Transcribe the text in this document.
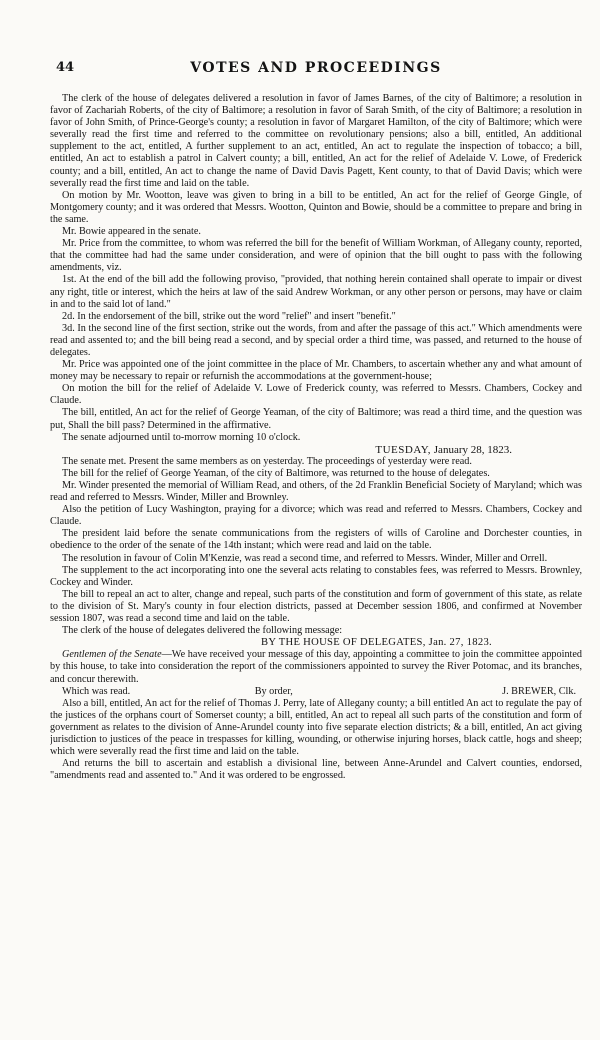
44	VOTES AND PROCEEDINGS

The clerk of the house of delegates delivered a resolution in favor of James Barnes, of the city of Baltimore; a resolution in favor of Zachariah Roberts, of the city of Baltimore; a resolution in favor of Sarah Smith, of the city of Baltimore; a resolution in favor of John Smith, of Prince-George's county; a resolution in favor of Margaret Hamilton, of the city of Baltimore; which were severally read the first time and referred to the committee on revolutionary pensions; also a bill, entitled, An additional supplement to the act, entitled, A further supplement to an act, entitled, An act to regulate the inspection of tobacco; a bill, entitled, An act to establish a patrol in Calvert county; a bill, entitled, An act for the relief of Adelaide V. Lowe, of Frederick county; and a bill, entitled, An act to change the name of David Davis Pagett, Kent county, to that of David Davis; which were severally read the first time and laid on the table.

On motion by Mr. Wootton, leave was given to bring in a bill to be entitled, An act for the relief of George Gingle, of Montgomery county; and it was ordered that Messrs. Wootton, Quinton and Bowie, should be a committee to prepare and bring in the same.

Mr. Bowie appeared in the senate.

Mr. Price from the committee, to whom was referred the bill for the benefit of William Workman, of Allegany county, reported, that the committee had had the same under consideration, and were of opinion that the bill ought to pass with the following amendments, viz.

1st. At the end of the bill add the following proviso, "provided, that nothing herein contained shall operate to impair or divest any right, title or interest, which the heirs at law of the said Andrew Workman, or any other person or persons, may have or claim in and to the said lot of land."

2d. In the endorsement of the bill, strike out the word "relief" and insert "benefit."

3d. In the second line of the first section, strike out the words, from and after the passage of this act." Which amendments were read and assented to; and the bill being read a second, and by special order a third time, was passed, and returned to the house of delegates.

Mr. Price was appointed one of the joint committee in the place of Mr. Chambers, to ascertain whether any and what amount of money may be necessary to repair or refurnish the accommodations at the government-house;

On motion the bill for the relief of Adelaide V. Lowe of Frederick county, was referred to Messrs. Chambers, Cockey and Claude.

The bill, entitled, An act for the relief of George Yeaman, of the city of Baltimore; was read a third time, and the question was put, Shall the bill pass? Determined in the affirmative.

The senate adjourned until to-morrow morning 10 o'clock.

TUESDAY, January 28, 1823.

The senate met. Present the same members as on yesterday. The proceedings of yesterday were read.

The bill for the relief of George Yeaman, of the city of Baltimore, was returned to the house of delegates.

Mr. Winder presented the memorial of William Read, and others, of the 2d Franklin Beneficial Society of Maryland; which was read and referred to Messrs. Winder, Miller and Brownley.

Also the petition of Lucy Washington, praying for a divorce; which was read and referred to Messrs. Chambers, Cockey and Claude.

The president laid before the senate communications from the registers of wills of Caroline and Dorchester counties, in obedience to the order of the senate of the 14th instant; which were read and laid on the table.

The resolution in favour of Colin M'Kenzie, was read a second time, and referred to Messrs. Winder, Miller and Orrell.

The supplement to the act incorporating into one the several acts relating to constables fees, was referred to Messrs. Brownley, Cockey and Winder.

The bill to repeal an act to alter, change and repeal, such parts of the constitution and form of government of this state, as relate to the division of St. Mary's county in four election districts, passed at December session 1806, and confirmed at November session 1807, was read a second time and laid on the table.

The clerk of the house of delegates delivered the following message:

BY THE HOUSE OF DELEGATES, Jan. 27, 1823.

Gentlemen of the Senate—We have received your message of this day, appointing a committee to join the committee appointed by this house, to take into consideration the report of the commissioners appointed to survey the River Potomac, and its branches, and concur therewith.

Which was read.	By order,	J. BREWER, Clk.

Also a bill, entitled, An act for the relief of Thomas J. Perry, late of Allegany county; a bill entitled An act to regulate the pay of the justices of the orphans court of Somerset county; a bill, entitled, An act to repeal all such parts of the constitution and form of government as relates to the division of Anne-Arundel county into five separate election districts; & a bill, entitled, An act giving jurisdiction to justices of the peace in trespasses for killing, wounding, or otherwise injuring horses, black cattle, hogs and sheep; which were severally read the first time and laid on the table.

And returns the bill to ascertain and establish a divisional line, between Anne-Arundel and Calvert counties, endorsed, "amendments read and assented to." And it was ordered to be engrossed.
